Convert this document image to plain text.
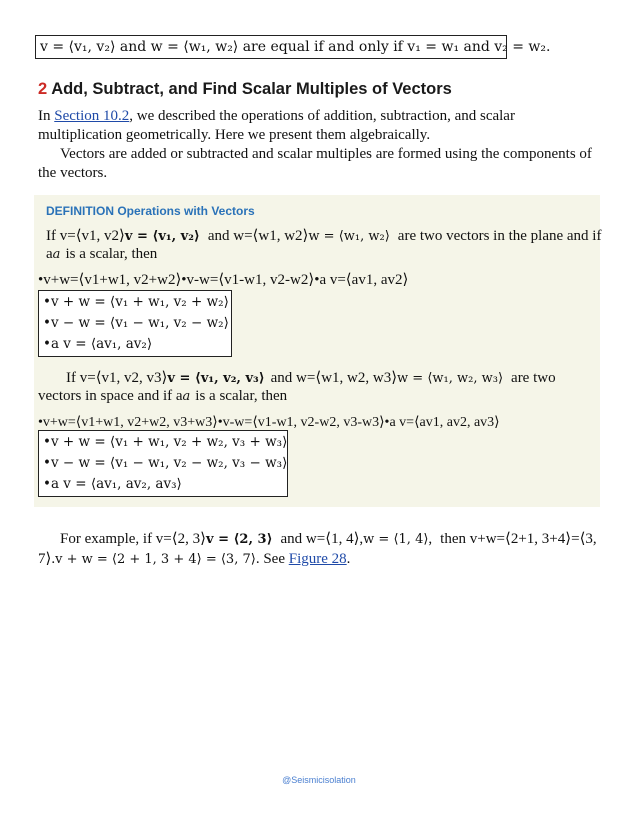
v = ⟨v₁, v₂⟩ and w = ⟨w₁, w₂⟩ are equal if and only if v₁ = w₁ and v₂ = w₂.
2 Add, Subtract, and Find Scalar Multiples of Vectors
In Section 10.2, we described the operations of addition, subtraction, and scalar
multiplication geometrically. Here we present them algebraically.
Vectors are added or subtracted and scalar multiples are formed using the components of
the vectors.
DEFINITION Operations with Vectors
If v=⟨v1, v2⟩v = ⟨v₁, v₂⟩ and w=⟨w1, w2⟩w = ⟨w₁, w₂⟩ are two vectors in the plane and if
aa is a scalar, then
•v+w=⟨v1+w1, v2+w2⟩•v-w=⟨v1-w1, v2-w2⟩•a v=⟨av1, av2⟩
•v + w = ⟨v₁ + w₁, v₂ + w₂⟩
•v − w = ⟨v₁ − w₁, v₂ − w₂⟩
•a v = ⟨av₁, av₂⟩
If v=⟨v1, v2, v3⟩v = ⟨v₁, v₂, v₃⟩ and w=⟨w1, w2, w3⟩w = ⟨w₁, w₂, w₃⟩ are two
vectors in space and if aa is a scalar, then
•v+w=⟨v1+w1, v2+w2, v3+w3⟩•v-w=⟨v1-w1, v2-w2, v3-w3⟩•a v=⟨av1, av2, av3⟩
•v + w = ⟨v₁ + w₁, v₂ + w₂, v₃ + w₃⟩
•v − w = ⟨v₁ − w₁, v₂ − w₂, v₃ − w₃⟩
•a v = ⟨av₁, av₂, av₃⟩
For example, if v=⟨2, 3⟩v = ⟨2, 3⟩ and w=⟨1, 4⟩,w = ⟨1, 4⟩, then v+w=⟨2+1, 3+4⟩=⟨3,
7⟩.v + w = ⟨2 + 1, 3 + 4⟩ = ⟨3, 7⟩. See Figure 28.
@Seismicisolation
